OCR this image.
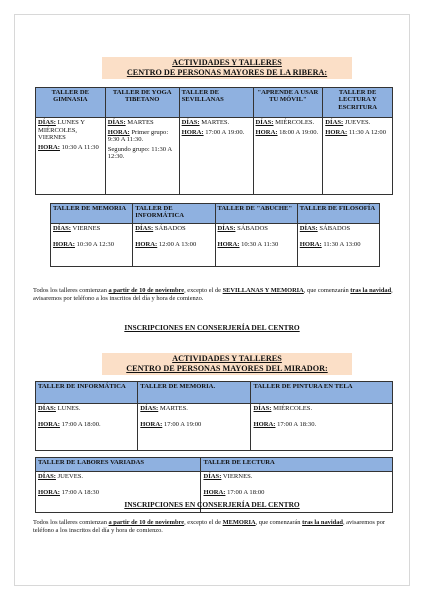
ACTIVIDADES Y TALLERES
CENTRO DE PERSONAS MAYORES DE LA RIBERA:
TALLER DE GIMNASIA	TALLER DE YOGA TIBETANO	TALLER DE SEVILLANAS	"APRENDE A USAR TU MÓVIL"	TALLER DE LECTURA Y ESCRITURA

DÍAS: LUNES Y MIÉRCOLES, VIERNES
HORA: 10:30 A 11:30	DÍAS: MARTES
HORA: Primer grupo: 9:30 A 11:30.
Segundo grupo: 11:30 A 12:30.	DÍAS: MARTES.
HORA: 17:00 A 19:00.	DÍAS: MIÉRCOLES.
HORA: 18:00 A 19:00.	DÍAS: JUEVES.
HORA: 11:30 A 12:00
TALLER DE MEMORIA	TALLER DE INFORMÁTICA	TALLER DE "ABUCHE"	TALLER DE FILOSOFÍA

DÍAS: VIERNES
HORA: 10:30 A 12:30	DÍAS: SÁBADOS
HORA: 12:00 A 13:00	DÍAS: SÁBADOS
HORA: 10:30 A 11:30	DÍAS: SÁBADOS
HORA: 11:30 A 13:00
Todos los talleres comienzan a partir de 10 de noviembre, excepto el de SEVILLANAS Y MEMORIA, que comenzarán tras la navidad, avisaremos por teléfono a los inscritos del día y hora de comienzo.
INSCRIPCIONES EN CONSERJERÍA DEL CENTRO
ACTIVIDADES Y TALLERES
CENTRO DE PERSONAS MAYORES DEL MIRADOR:
TALLER DE INFORMÁTICA	TALLER DE MEMORIA.	TALLER DE PINTURA EN TELA

DÍAS: LUNES.
HORA: 17:00 A 18:00.	DÍAS: MARTES.
HORA: 17:00 A 19:00	DÍAS: MIÉRCOLES.
HORA: 17:00 A 18:30.
TALLER DE LABORES VARIADAS	TALLER DE LECTURA

DÍAS: JUEVES.
HORA: 17:00 A 18:30	DÍAS: VIERNES.
HORA: 17:00 A 18:00
INSCRIPCIONES EN CONSERJERÍA DEL CENTRO
Todos los talleres comienzan a partir de 10 de noviembre, excepto el de MEMORIA, que comenzarán tras la navidad, avisaremos por teléfono a los inscritos del día y hora de comienzo.
